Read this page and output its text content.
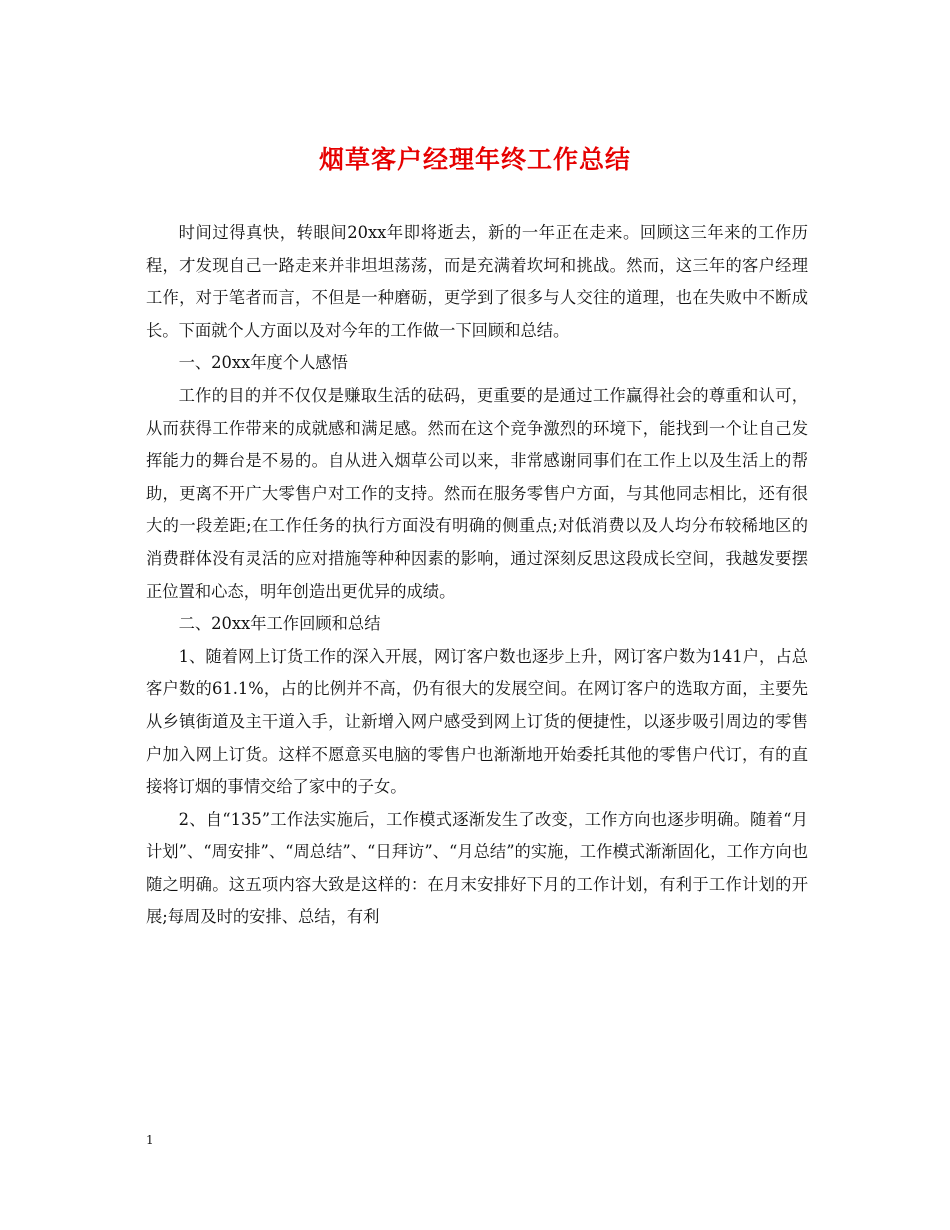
烟草客户经理年终工作总结

时间过得真快，转眼间20xx年即将逝去，新的一年正在走来。回顾这三年来的工作历程，才发现自己一路走来并非坦坦荡荡，而是充满着坎坷和挑战。然而，这三年的客户经理工作，对于笔者而言，不但是一种磨砺，更学到了很多与人交往的道理，也在失败中不断成长。下面就个人方面以及对今年的工作做一下回顾和总结。

一、20xx年度个人感悟

工作的目的并不仅仅是赚取生活的砝码，更重要的是通过工作赢得社会的尊重和认可，从而获得工作带来的成就感和满足感。然而在这个竞争激烈的环境下，能找到一个让自己发挥能力的舞台是不易的。自从进入烟草公司以来，非常感谢同事们在工作上以及生活上的帮助，更离不开广大零售户对工作的支持。然而在服务零售户方面，与其他同志相比，还有很大的一段差距;在工作任务的执行方面没有明确的侧重点;对低消费以及人均分布较稀地区的消费群体没有灵活的应对措施等种种因素的影响，通过深刻反思这段成长空间，我越发要摆正位置和心态，明年创造出更优异的成绩。

二、20xx年工作回顾和总结

1、随着网上订货工作的深入开展，网订客户数也逐步上升，网订客户数为141户，占总客户数的61.1%，占的比例并不高，仍有很大的发展空间。在网订客户的选取方面，主要先从乡镇街道及主干道入手，让新增入网户感受到网上订货的便捷性，以逐步吸引周边的零售户加入网上订货。这样不愿意买电脑的零售户也渐渐地开始委托其他的零售户代订，有的直接将订烟的事情交给了家中的子女。

2、自“135”工作法实施后，工作模式逐渐发生了改变，工作方向也逐步明确。随着“月计划”、“周安排”、“周总结”、“日拜访”、“月总结”的实施，工作模式渐渐固化，工作方向也随之明确。这五项内容大致是这样的：在月末安排好下月的工作计划，有利于工作计划的开展;每周及时的安排、总结，有利

1
